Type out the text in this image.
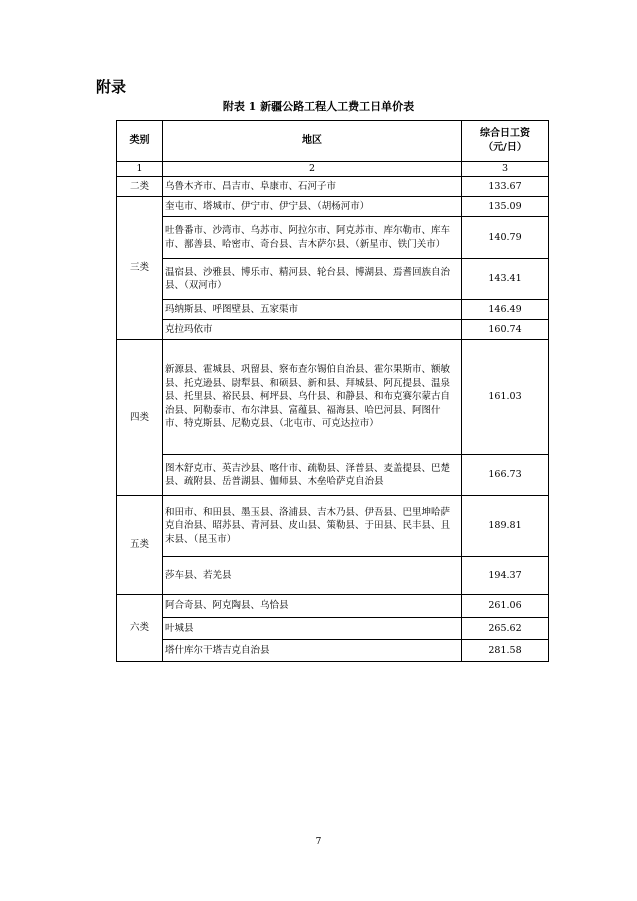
附录
附表 1 新疆公路工程人工费工日单价表
类别	地区	综合日工资
（元/日）
1	2	3
二类	乌鲁木齐市、昌吉市、阜康市、石河子市	133.67
三类	奎屯市、塔城市、伊宁市、伊宁县、（胡杨河市）	135.09
	吐鲁番市、沙湾市、乌苏市、阿拉尔市、阿克苏市、库尔勒市、库车市、鄯善县、哈密市、奇台县、吉木萨尔县、（新星市、铁门关市）	140.79
	温宿县、沙雅县、博乐市、精河县、轮台县、博湖县、焉耆回族自治县、（双河市）	143.41
	玛纳斯县、呼图壁县、五家渠市	146.49
	克拉玛依市	160.74
四类	新源县、霍城县、巩留县、察布查尔锡伯自治县、霍尔果斯市、额敏县、托克逊县、尉犁县、和硕县、新和县、拜城县、阿瓦提县、温泉县、托里县、裕民县、柯坪县、乌什县、和静县、和布克赛尔蒙古自治县、阿勒泰市、布尔津县、富蕴县、福海县、哈巴河县、阿图什市、特克斯县、尼勒克县、（北屯市、可克达拉市）	161.03
	图木舒克市、英吉沙县、喀什市、疏勒县、泽普县、麦盖提县、巴楚县、疏附县、岳普湖县、伽师县、木垒哈萨克自治县	166.73
五类	和田市、和田县、墨玉县、洛浦县、吉木乃县、伊吾县、巴里坤哈萨克自治县、昭苏县、青河县、皮山县、策勒县、于田县、民丰县、且末县、（昆玉市）	189.81
	莎车县、若羌县	194.37
六类	阿合奇县、阿克陶县、乌恰县	261.06
	叶城县	265.62
	塔什库尔干塔吉克自治县	281.58
7
